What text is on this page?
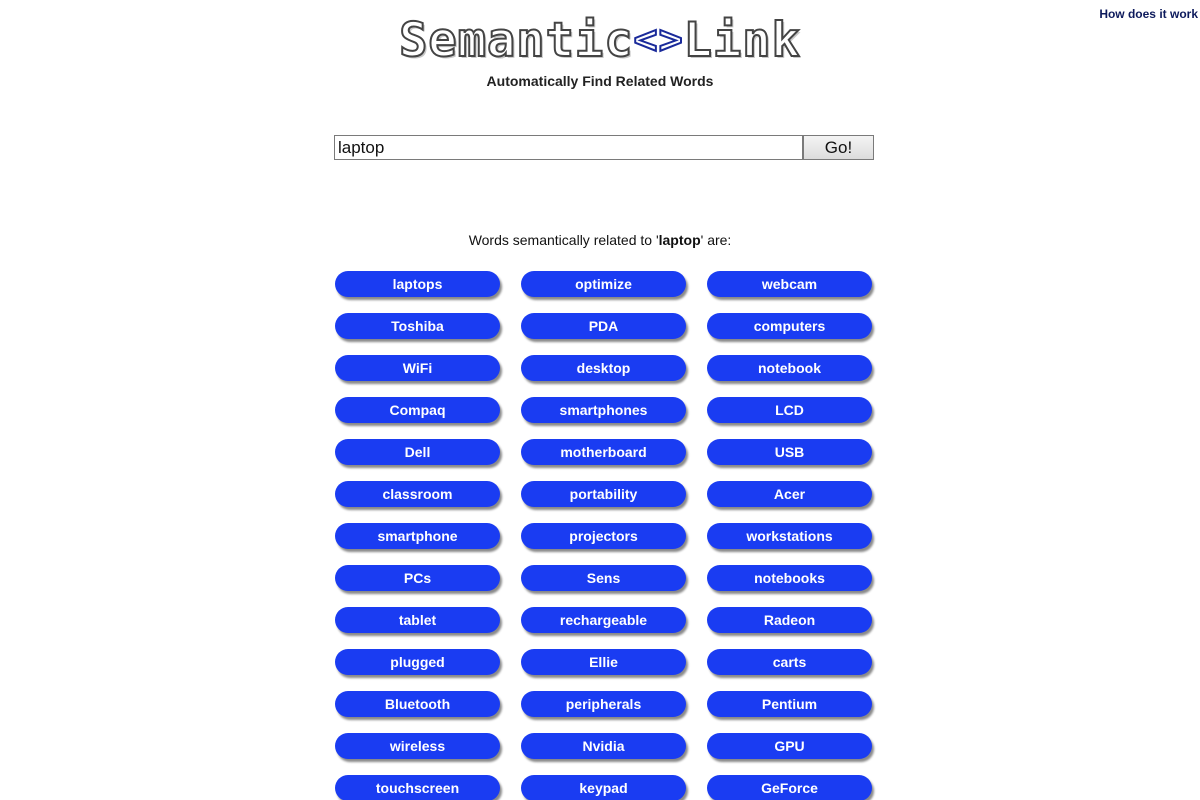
How does it work
Semantic<>Link
Automatically Find Related Words
laptop
Go!
Words semantically related to 'laptop' are:
laptops	optimize	webcam
Toshiba	PDA	computers
WiFi	desktop	notebook
Compaq	smartphones	LCD
Dell	motherboard	USB
classroom	portability	Acer
smartphone	projectors	workstations
PCs	Sens	notebooks
tablet	rechargeable	Radeon
plugged	Ellie	carts
Bluetooth	peripherals	Pentium
wireless	Nvidia	GPU
touchscreen	keypad	GeForce
